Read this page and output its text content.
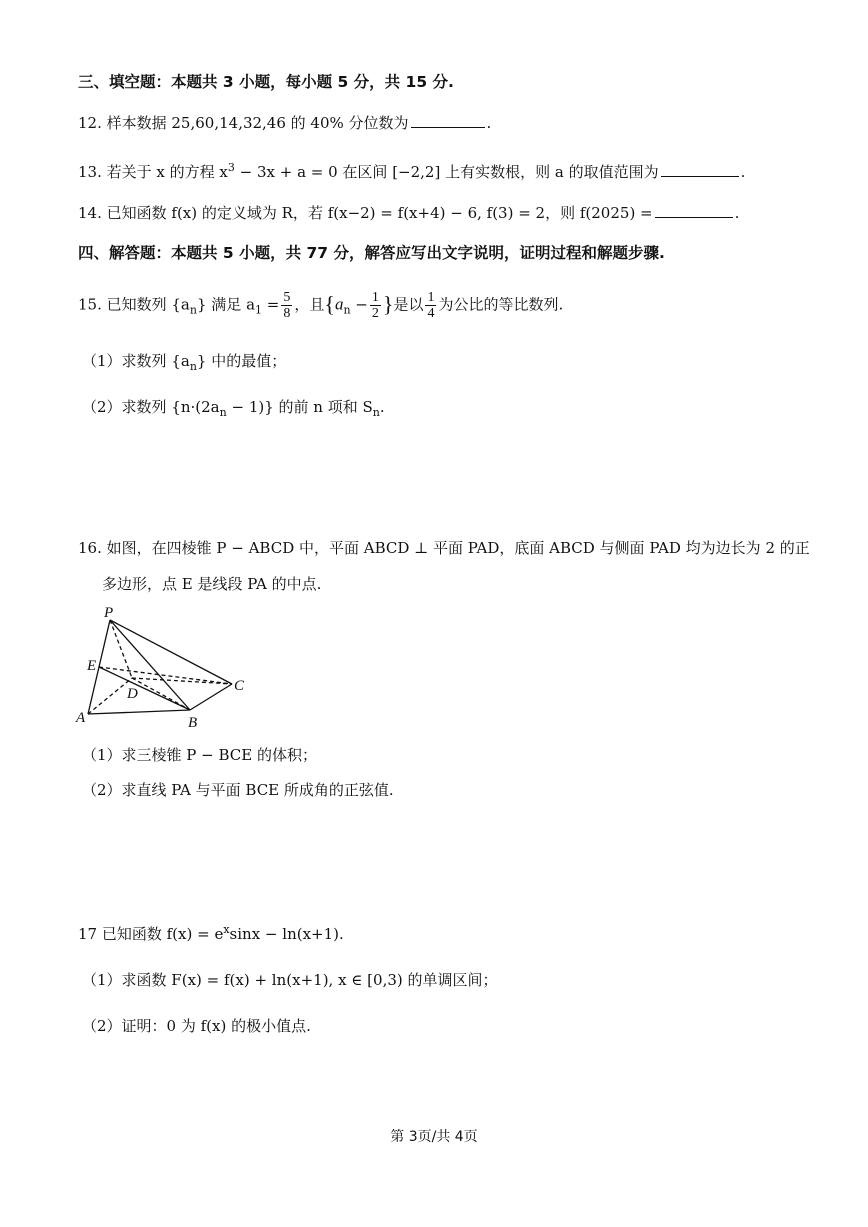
三、填空题：本题共 3 小题，每小题 5 分，共 15 分.
12. 样本数据 25,60,14,32,46 的 40% 分位数为	.
13. 若关于 x 的方程 $x^3 - 3x + a = 0$ 在区间 [−2,2] 上有实数根，则 a 的取值范围为	.
14. 已知函数 f(x) 的定义域为 R，若 f(x−2) = f(x+4) − 6, f(3) = 2，则 f(2025) =	.
四、解答题：本题共 5 小题，共 77 分，解答应写出文字说明，证明过程和解题步骤.
15. 已知数列 $\{a_n\}$ 满足 $a_1 = \frac{5}{8}$ ，且{$a_n - \frac{1}{2}$ }是以 $\frac{1}{4}$ 为公比的等比数列.
（1）求数列 $\{a_n\}$ 中的最值；
（2）求数列 $\{n\cdot(2a_n - 1)\}$ 的前 n 项和 $S_n$.
16. 如图，在四棱锥 P − ABCD 中，平面 ABCD ⊥ 平面 PAD，底面 ABCD 与侧面 PAD 均为边长为 2 的正
多边形，点 E 是线段 PA 的中点.
P
E
D
A	B
C
（1）求三棱锥 P − BCE 的体积；
（2）求直线 PA 与平面 BCE 所成角的正弦值.
17 已知函数 $f(x) = e^x\sin x - \ln(x+1)$.
（1）求函数 F(x) = f(x) + ln(x+1), x ∈ [0,3) 的单调区间；
（2）证明：0 为 f(x) 的极小值点.
第 3页/共 4页
